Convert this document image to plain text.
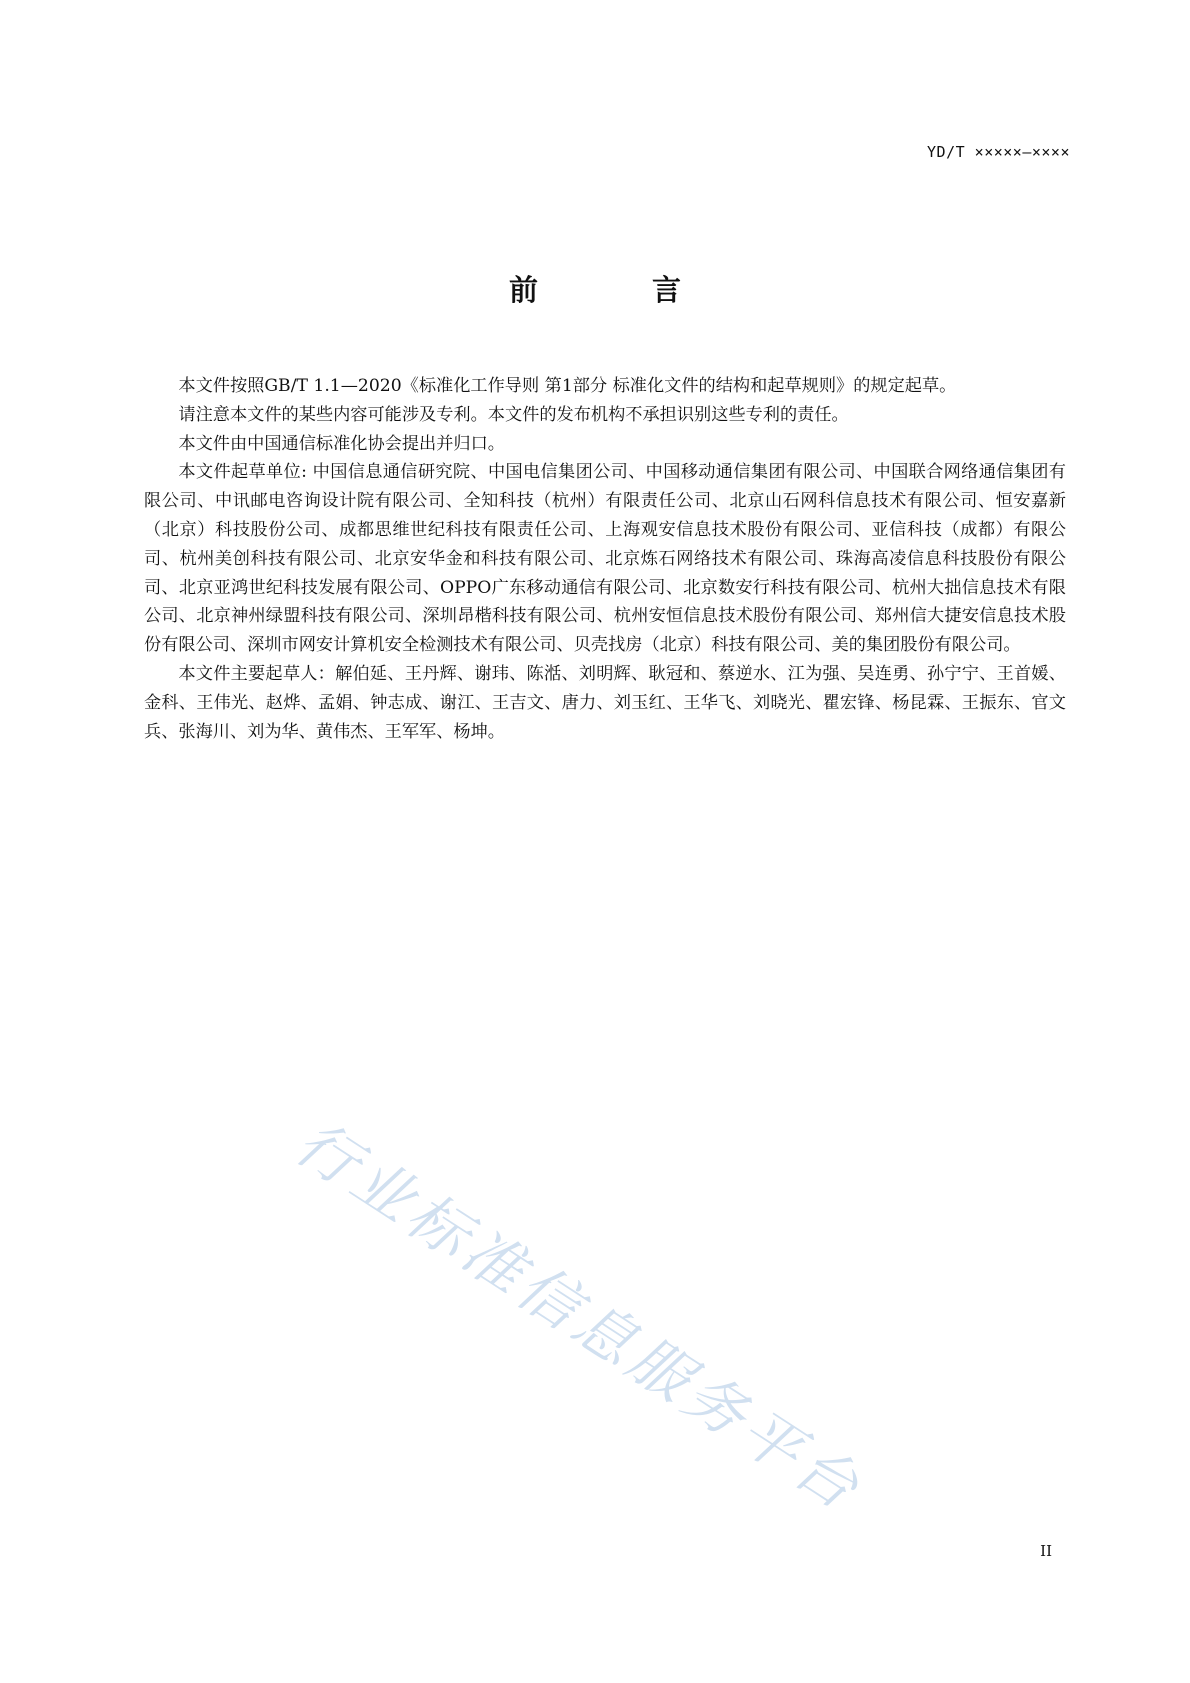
YD/T ×××××—××××
前 言

本文件按照GB/T 1.1—2020《标准化工作导则 第1部分 标准化文件的结构和起草规则》的规定起草。

请注意本文件的某些内容可能涉及专利。本文件的发布机构不承担识别这些专利的责任。

本文件由中国通信标准化协会提出并归口。

本文件起草单位: 中国信息通信研究院、中国电信集团公司、中国移动通信集团有限公司、中国联合网络通信集团有限公司、中讯邮电咨询设计院有限公司、全知科技（杭州）有限责任公司、北京山石网科信息技术有限公司、恒安嘉新（北京）科技股份公司、成都思维世纪科技有限责任公司、上海观安信息技术股份有限公司、亚信科技（成都）有限公司、杭州美创科技有限公司、北京安华金和科技有限公司、北京炼石网络技术有限公司、珠海高凌信息科技股份有限公司、北京亚鸿世纪科技发展有限公司、OPPO广东移动通信有限公司、北京数安行科技有限公司、杭州大拙信息技术有限公司、北京神州绿盟科技有限公司、深圳昂楷科技有限公司、杭州安恒信息技术股份有限公司、郑州信大捷安信息技术股份有限公司、深圳市网安计算机安全检测技术有限公司、贝壳找房（北京）科技有限公司、美的集团股份有限公司。

本文件主要起草人：解伯延、王丹辉、谢玮、陈湉、刘明辉、耿冠和、蔡逆水、江为强、吴连勇、孙宁宁、王首媛、金科、王伟光、赵烨、孟娟、钟志成、谢江、王吉文、唐力、刘玉红、王华飞、刘晓光、瞿宏锋、杨昆霖、王振东、官文兵、张海川、刘为华、黄伟杰、王军军、杨坤。

行业标准信息服务平台
II
